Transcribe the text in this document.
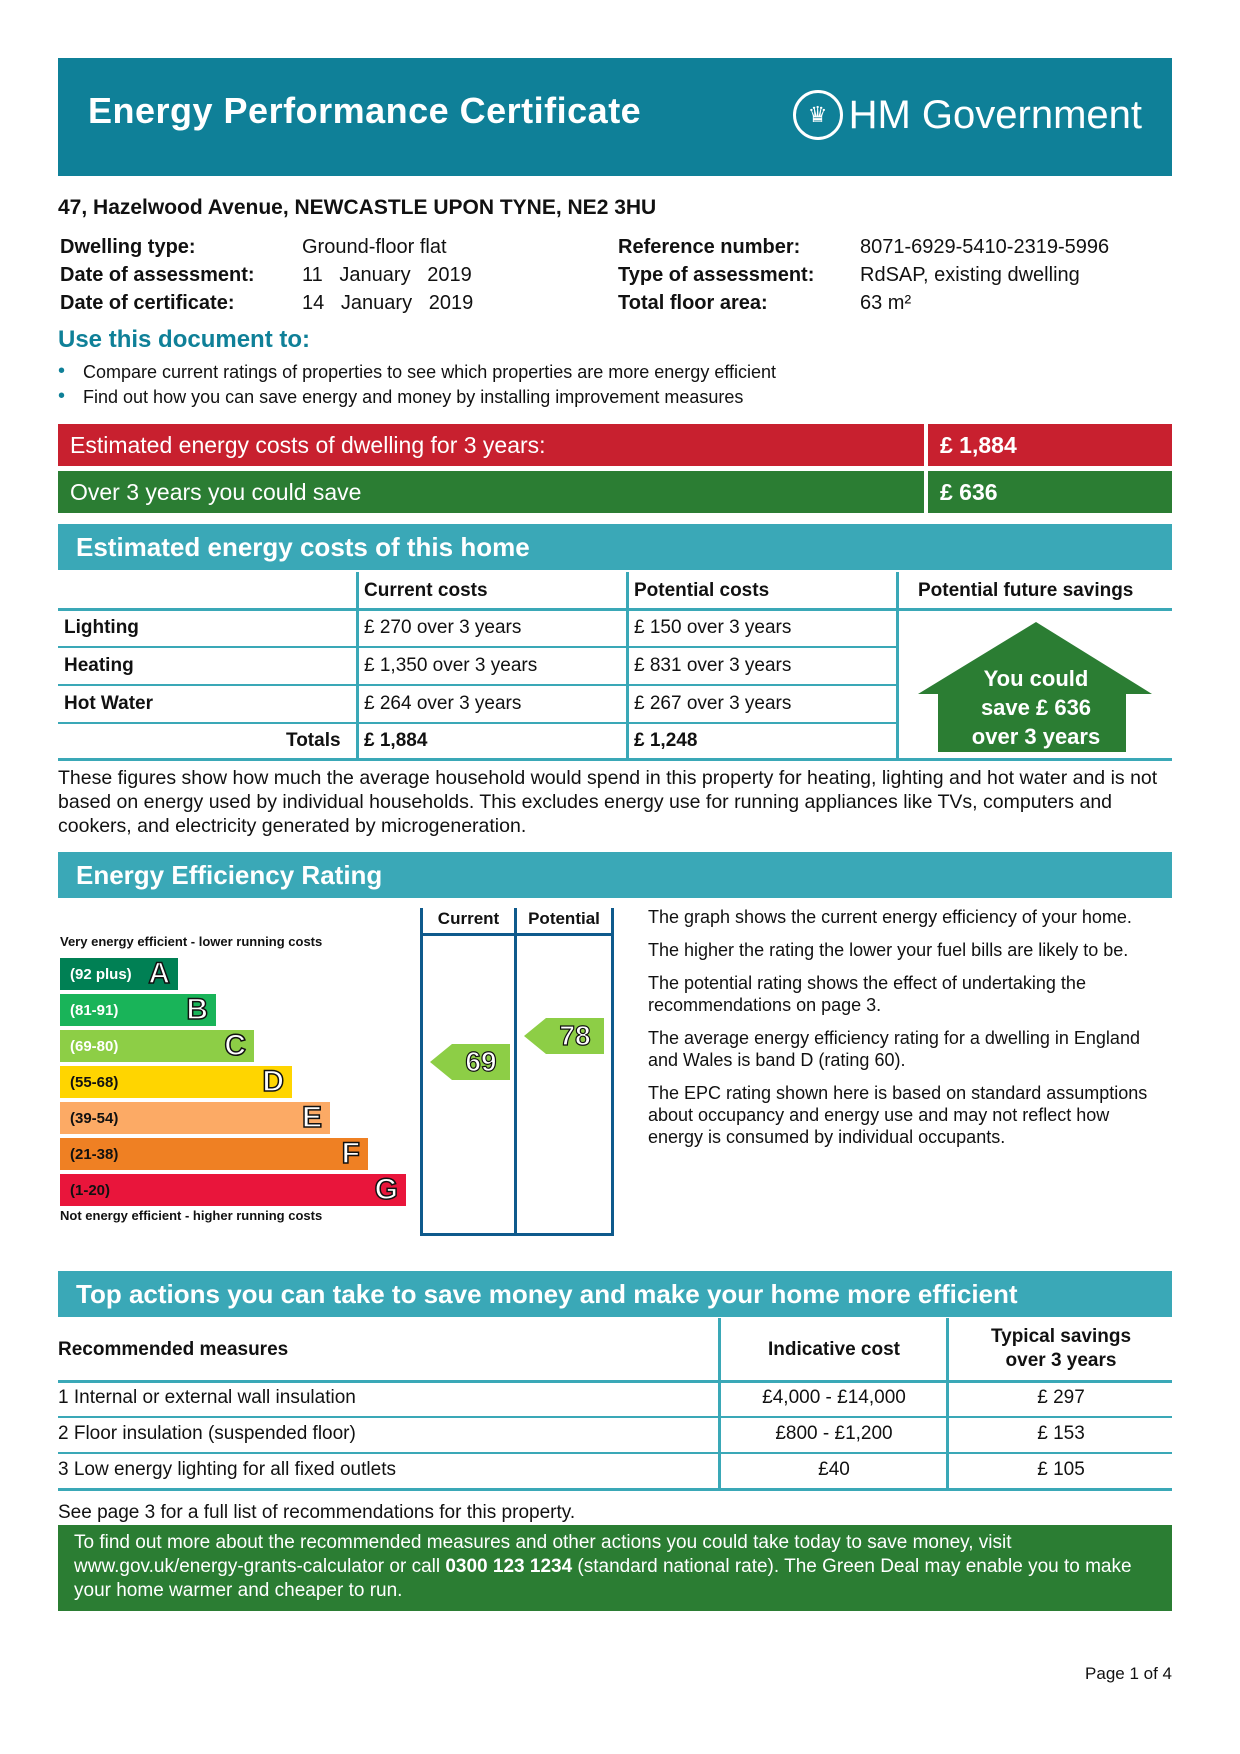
Energy Performance Certificate	♛ HM Government
47, Hazelwood Avenue, NEWCASTLE UPON TYNE, NE2 3HU
Dwelling type:	Ground-floor flat
Date of assessment: 11   January   2019
Date of certificate:	14   January   2019
Reference number:	8071-6929-5410-2319-5996
Type of assessment: RdSAP, existing dwelling
Total floor area:	63 m²
Use this document to:
• Compare current ratings of properties to see which properties are more energy efficient
• Find out how you can save energy and money by installing improvement measures
Estimated energy costs of dwelling for 3 years:	£ 1,884
Over 3 years you could save	£ 636
Estimated energy costs of this home
Current costs	Potential costs	Potential future savings
Lighting	£ 270 over 3 years	£ 150 over 3 years
Heating	£ 1,350 over 3 years	£ 831 over 3 years
Hot Water	£ 264 over 3 years	£ 267 over 3 years
Totals £ 1,884	£ 1,248
You could
save £ 636
over 3 years
These figures show how much the average household would spend in this property for heating, lighting and hot water and is not based on energy used by individual households. This excludes energy use for running appliances like TVs, computers and cookers, and electricity generated by microgeneration.
Energy Efficiency Rating
Very energy efficient - lower running costs
Not energy efficient - higher running costs
(92 plus) A
(81-91) B
(69-80)	C
(55-68)	D
(39-54)	E
(21-38)	F
(1-20)	G
Current	Potential
69
78
The graph shows the current energy efficiency of your home.
The higher the rating the lower your fuel bills are likely to be.
The potential rating shows the effect of undertaking the recommendations on page 3.
The average energy efficiency rating for a dwelling in England and Wales is band D (rating 60).
The EPC rating shown here is based on standard assumptions about occupancy and energy use and may not reflect how energy is consumed by individual occupants.
Top actions you can take to save money and make your home more efficient
Recommended measures	Indicative cost
Typical savings
over 3 years
1 Internal or external wall insulation	£4,000 - £14,000	£ 297
2 Floor insulation (suspended floor)	£800 - £1,200	£ 153
3 Low energy lighting for all fixed outlets	£40	£ 105
See page 3 for a full list of recommendations for this property.
To find out more about the recommended measures and other actions you could take today to save money, visit www.gov.uk/energy-grants-calculator or call 0300 123 1234 (standard national rate). The Green Deal may enable you to make your home warmer and cheaper to run.
Page 1 of 4
